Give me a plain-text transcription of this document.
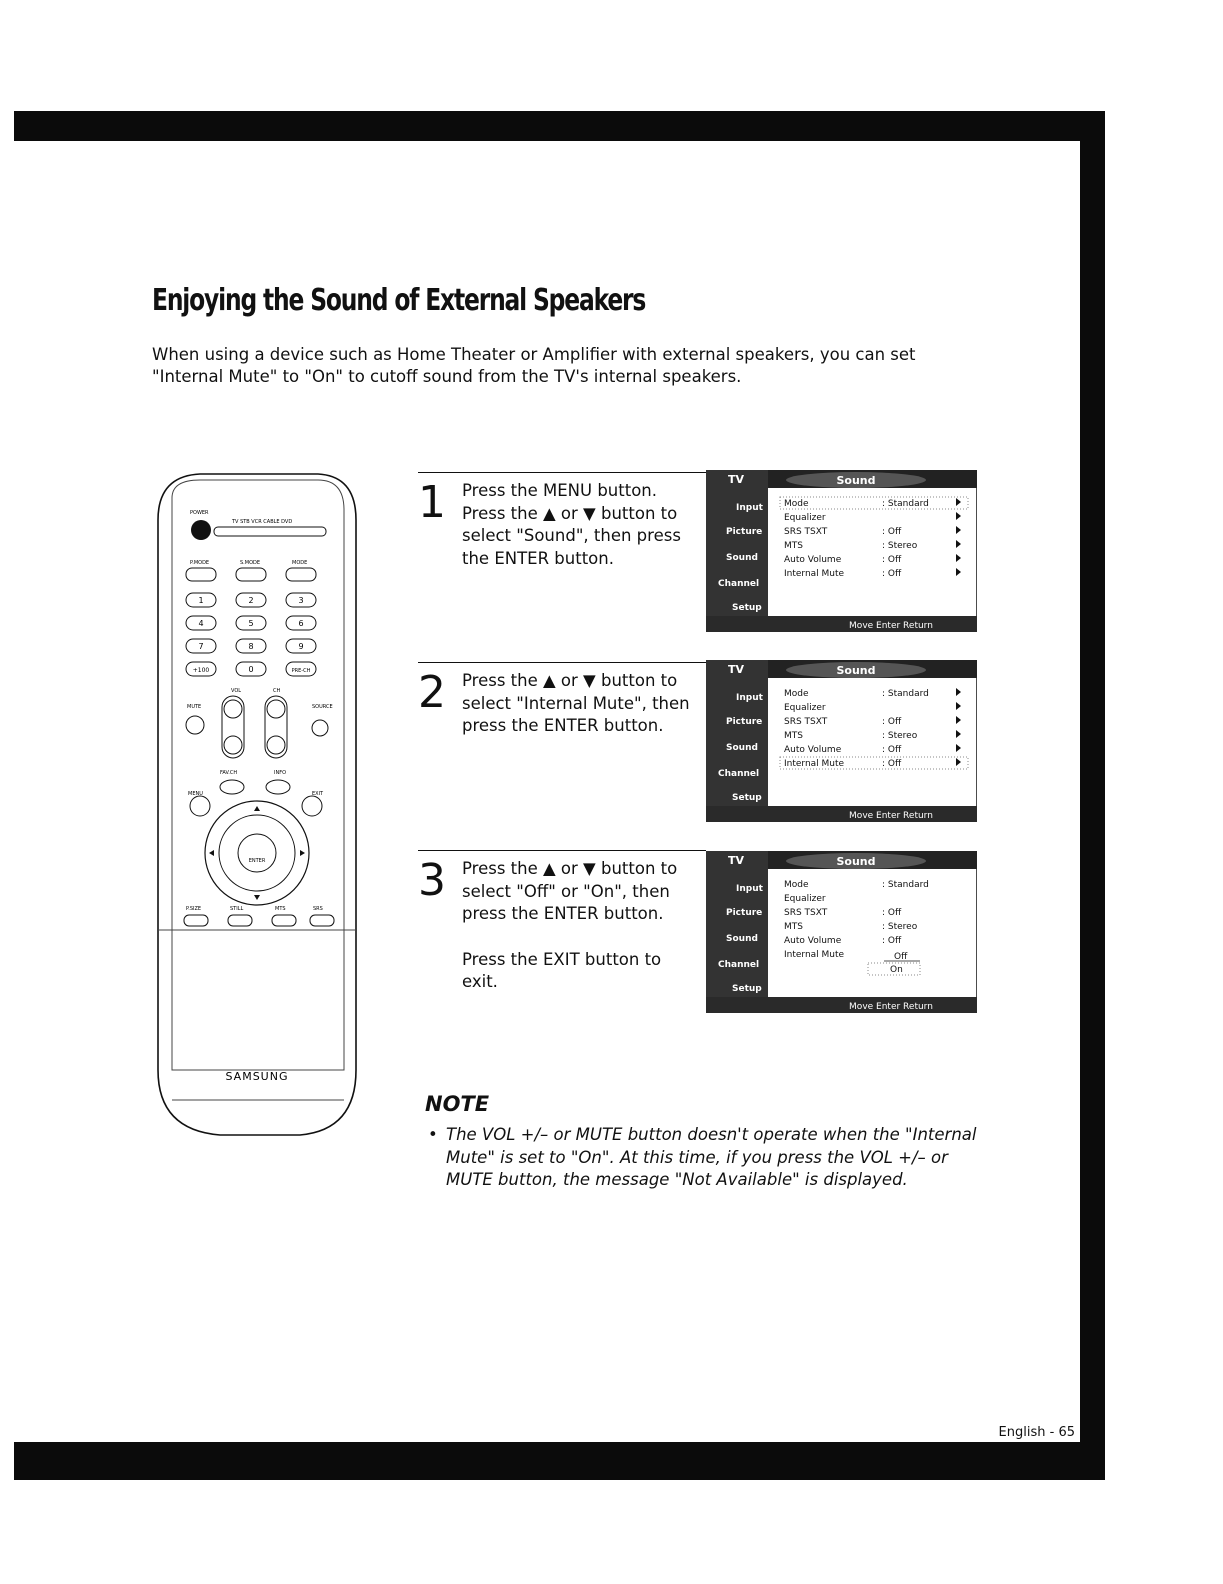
Enjoying the Sound of External Speakers
When using a device such as Home Theater or Amplifier with external speakers, you can set
"Internal Mute" to "On" to cutoff sound from the TV's internal speakers.
POWER
TV STB VCR CABLE DVD
P.MODE	S.MODE	MODE
1	2	3
4	5	6
7	8	9
+100	0	PRE-CH
VOL	CH
MUTE	SOURCE
FAV.CH	INFO
MENU	EXIT
ENTER
P.SIZE	STILL	MTS	SRS
SAMSUNG
1 Press the MENU button.

Press the ▲ or ▼ button to select "Sound", then press the ENTER button.

2 Press the ▲ or ▼ button to select "Internal Mute", then press the ENTER button.

3 Press the ▲ or ▼ button to select "Off" or "On", then press the ENTER button.

Press the EXIT button to exit.

TV	Sound
Input
Picture
Sound
Channel
Setup
Mode	: Standard
Equalizer
SRS TSXT	: Off
MTS	: Stereo
Auto Volume	: Off
Internal Mute	: Off
Move Enter Return
TV	Sound
Input
Picture
Sound
Channel
Setup
Mode	: Standard
Equalizer
SRS TSXT	: Off
MTS	: Stereo
Auto Volume	: Off
Internal Mute	: Off
Move Enter Return
TV	Sound
Input
Picture
Sound
Channel
Setup
Mode	: Standard
Equalizer
SRS TSXT	: Off
MTS	: Stereo
Auto Volume	: Off
Internal Mute	Off
On
Move Enter Return
NOTE
• The VOL +/– or MUTE button doesn't operate when the "Internal Mute" is set to "On". At this time, if you press the VOL +/– or MUTE button, the message "Not Available" is displayed.
English - 65
